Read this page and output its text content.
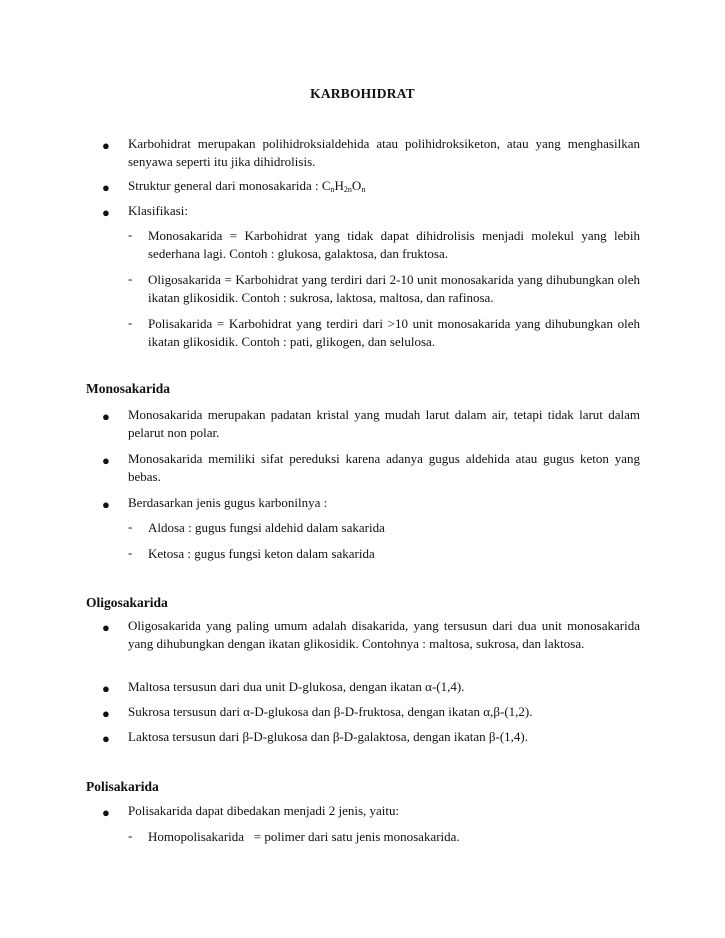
KARBOHIDRAT
● Karbohidrat merupakan polihidroksialdehida atau polihidroksiketon, atau yang menghasilkan senyawa seperti itu jika dihidrolisis.
● Struktur general dari monosakarida : $C_nH_{2n}O_n$
● Klasifikasi:
- Monosakarida = Karbohidrat yang tidak dapat dihidrolisis menjadi molekul yang lebih sederhana lagi. Contoh : glukosa, galaktosa, dan fruktosa.
- Oligosakarida = Karbohidrat yang terdiri dari 2-10 unit monosakarida yang dihubungkan oleh ikatan glikosidik. Contoh : sukrosa, laktosa, maltosa, dan rafinosa.
- Polisakarida = Karbohidrat yang terdiri dari >10 unit monosakarida yang dihubungkan oleh ikatan glikosidik. Contoh : pati, glikogen, dan selulosa.
Monosakarida
● Monosakarida merupakan padatan kristal yang mudah larut dalam air, tetapi tidak larut dalam pelarut non polar.
● Monosakarida memiliki sifat pereduksi karena adanya gugus aldehida atau gugus keton yang bebas.
● Berdasarkan jenis gugus karbonilnya :
- Aldosa : gugus fungsi aldehid dalam sakarida
- Ketosa : gugus fungsi keton dalam sakarida
Oligosakarida
● Oligosakarida yang paling umum adalah disakarida, yang tersusun dari dua unit monosakarida yang dihubungkan dengan ikatan glikosidik. Contohnya : maltosa, sukrosa, dan laktosa.
● Maltosa tersusun dari dua unit D-glukosa, dengan ikatan α-(1,4).
● Sukrosa tersusun dari α-D-glukosa dan β-D-fruktosa, dengan ikatan α,β-(1,2).
● Laktosa tersusun dari β-D-glukosa dan β-D-galaktosa, dengan ikatan β-(1,4).
Polisakarida
● Polisakarida dapat dibedakan menjadi 2 jenis, yaitu:
- Homopolisakarida   = polimer dari satu jenis monosakarida.
